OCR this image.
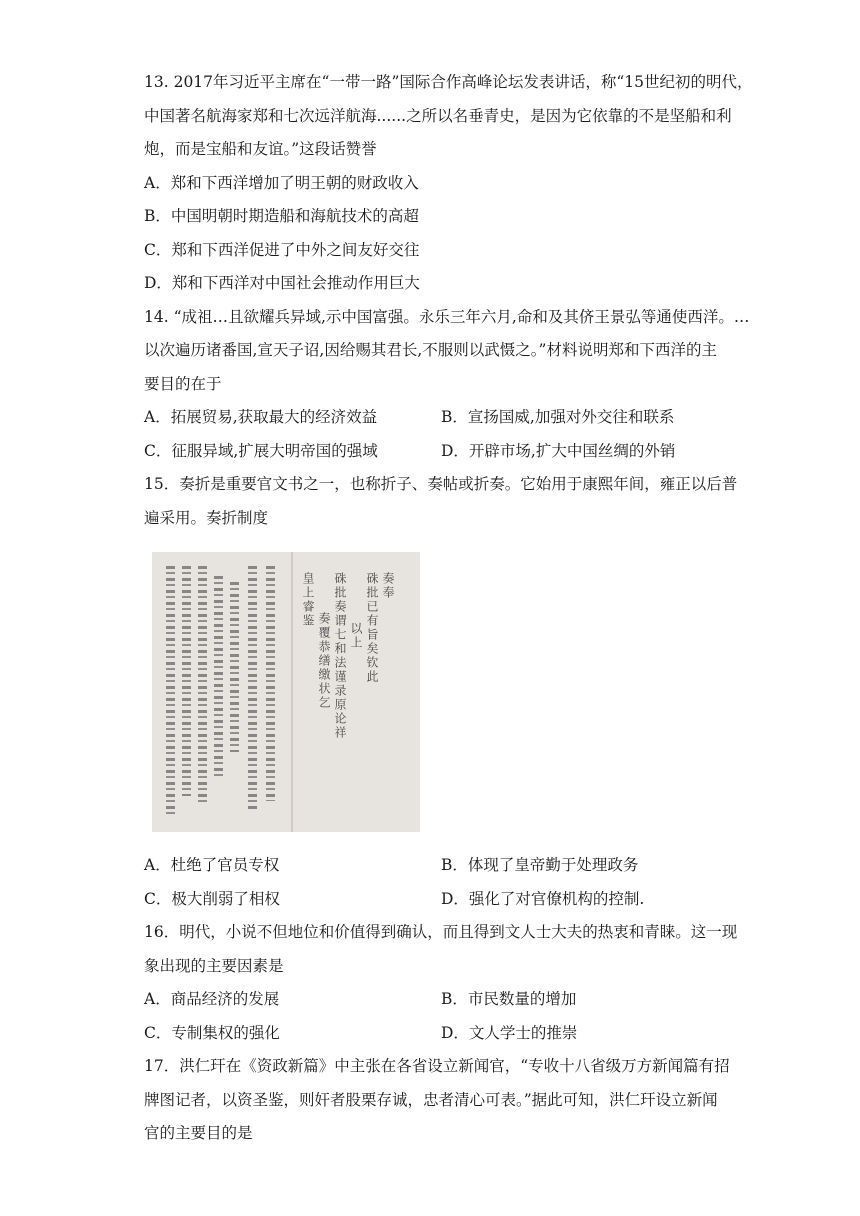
13. 2017年习近平主席在“一带一路”国际合作高峰论坛发表讲话，称“15世纪初的明代，
中国著名航海家郑和七次远洋航海......之所以名垂青史，是因为它依靠的不是坚船和利
炮，而是宝船和友谊。”这段话赞誉
A．郑和下西洋增加了明王朝的财政收入
B．中国明朝时期造船和海航技术的高超
C．郑和下西洋促进了中外之间友好交往
D．郑和下西洋对中国社会推动作用巨大
14. “成祖…且欲耀兵异域,示中国富强。永乐三年六月,命和及其侪王景弘等通使西洋。…
以次遍历诸番国,宣天子诏,因给赐其君长,不服则以武慑之。”材料说明郑和下西洋的主
要目的在于
A．拓展贸易,获取最大的经济效益	B．宣扬国威,加强对外交往和联系
C．征服异域,扩展大明帝国的强域	D．开辟市场,扩大中国丝绸的外销
15．奏折是重要官文书之一，也称折子、奏帖或折奏。它始用于康熙年间，雍正以后普
遍采用。奏折制度
奏奉
硃批已有旨矣钦此
以上
硃批奏谓七和法谨录原论祥
奏覆恭缮缴状乞
皇上睿鉴
A．杜绝了官员专权	B．体现了皇帝勤于处理政务
C．极大削弱了相权	D．强化了对官僚机构的控制.
16．明代，小说不但地位和价值得到确认，而且得到文人士大夫的热衷和青睐。这一现
象出现的主要因素是
A．商品经济的发展	B．市民数量的增加
C．专制集权的强化	D．文人学士的推崇
17．洪仁玕在《资政新篇》中主张在各省设立新闻官，“专收十八省级万方新闻篇有招
牌图记者，以资圣鉴，则奸者股栗存诚，忠者清心可表。”据此可知，洪仁玕设立新闻
官的主要目的是
